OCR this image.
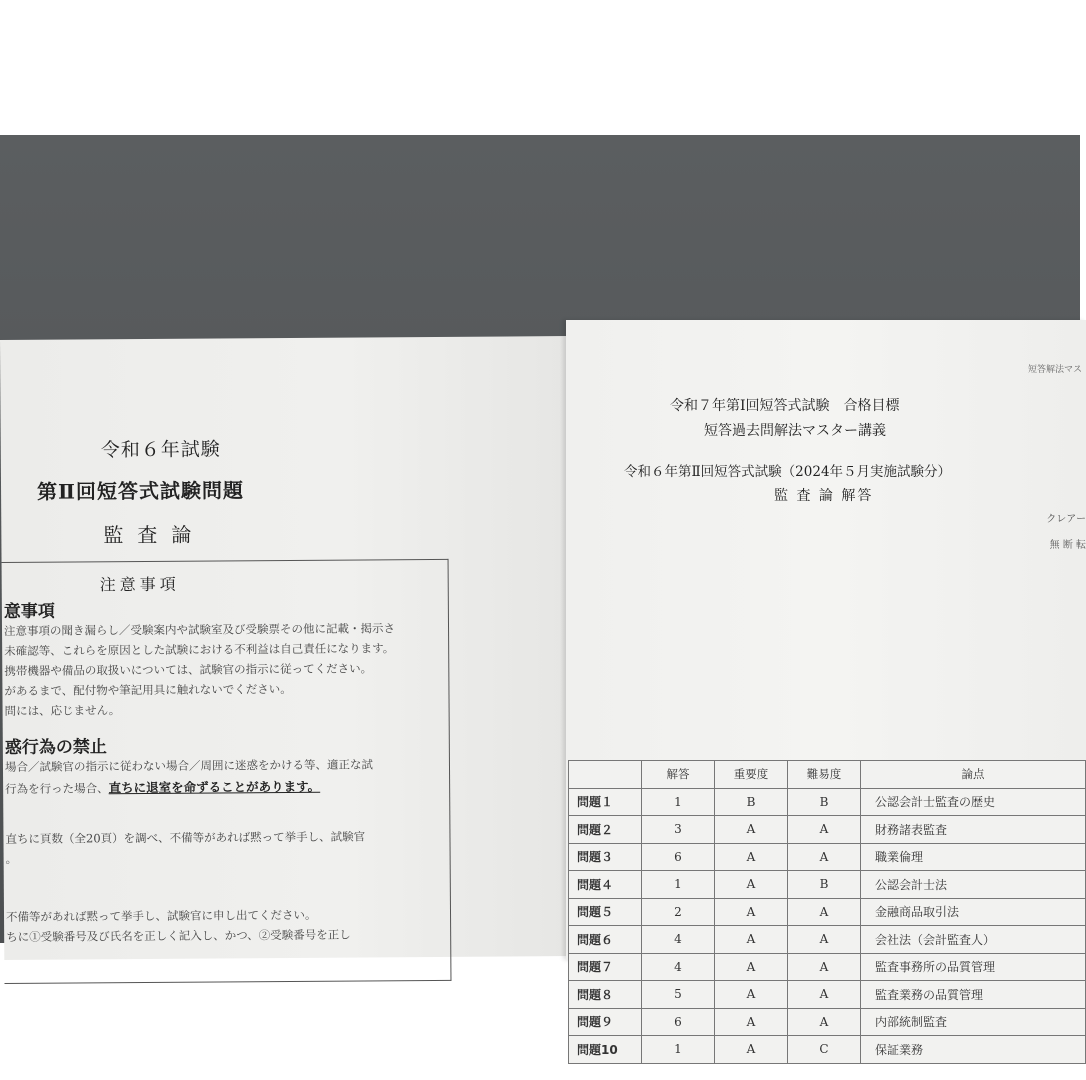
令和６年試験
第Ⅱ回短答式試験問題
監査論
注意事項
意事項
注意事項の聞き漏らし／受験案内や試験室及び受験票その他に記載・掲示さ
未確認等、これらを原因とした試験における不利益は自己責任になります。
携帯機器や備品の取扱いについては、試験官の指示に従ってください。
があるまで、配付物や筆記用具に触れないでください。
問には、応じません。
惑行為の禁止
場合／試験官の指示に従わない場合／周囲に迷惑をかける等、適正な試
行為を行った場合、直ちに退室を命ずることがあります。
直ちに頁数（全20頁）を調べ、不備等があれば黙って挙手し、試験官
。
不備等があれば黙って挙手し、試験官に申し出てください。
ちに①受験番号及び氏名を正しく記入し、かつ、②受験番号を正し
短答解法マス
令和７年第Ⅰ回短答式試験　合格目標
短答過去問解法マスター講義
令和６年第Ⅱ回短答式試験（2024年５月実施試験分）
監 査 論 解答
クレアー
無 断 転
	解答	重要度	難易度	論点
問題１	1	B	B	公認会計士監査の歴史
問題２	3	A	A	財務諸表監査
問題３	6	A	A	職業倫理
問題４	1	A	B	公認会計士法
問題５	2	A	A	金融商品取引法
問題６	4	A	A	会社法（会計監査人）
問題７	4	A	A	監査事務所の品質管理
問題８	5	A	A	監査業務の品質管理
問題９	6	A	A	内部統制監査
問題10	1	A	C	保証業務
